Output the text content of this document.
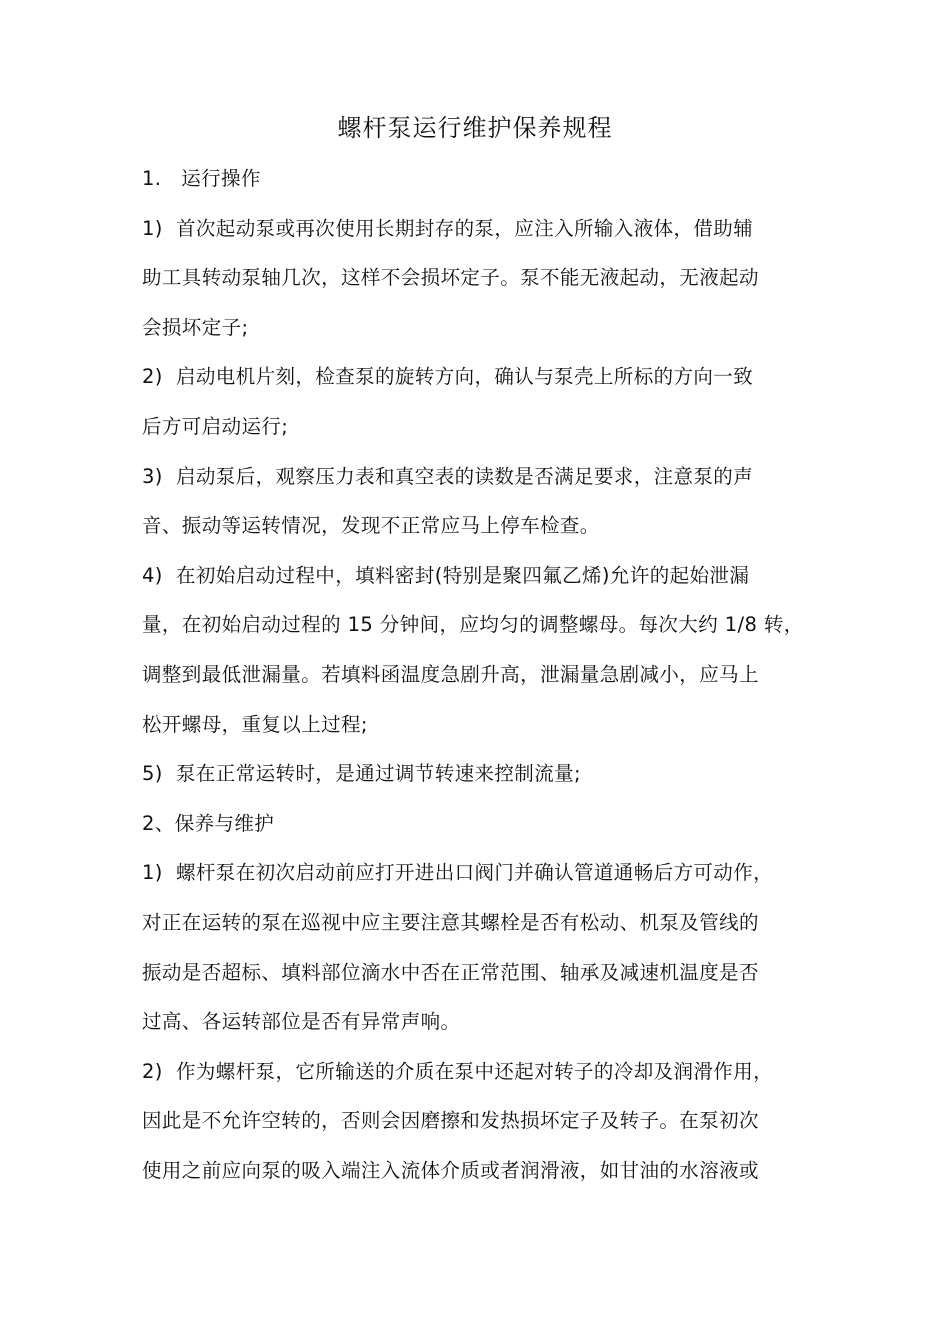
螺杆泵运行维护保养规程

1.   运行操作

1)  首次起动泵或再次使用长期封存的泵，应注入所输入液体，借助辅

助工具转动泵轴几次，这样不会损坏定子。泵不能无液起动，无液起动

会损坏定子;

2)  启动电机片刻，检查泵的旋转方向，确认与泵壳上所标的方向一致

后方可启动运行;

3)  启动泵后，观察压力表和真空表的读数是否满足要求，注意泵的声

音、振动等运转情况，发现不正常应马上停车检查。

4)  在初始启动过程中，填料密封(特别是聚四氟乙烯)允许的起始泄漏

量，在初始启动过程的 15 分钟间，应均匀的调整螺母。每次大约 1/8 转，

调整到最低泄漏量。若填料函温度急剧升高，泄漏量急剧减小，应马上

松开螺母，重复以上过程;

5)  泵在正常运转时，是通过调节转速来控制流量;

2、保养与维护

1)  螺杆泵在初次启动前应打开进出口阀门并确认管道通畅后方可动作，

对正在运转的泵在巡视中应主要注意其螺栓是否有松动、机泵及管线的

振动是否超标、填料部位滴水中否在正常范围、轴承及减速机温度是否

过高、各运转部位是否有异常声响。

2)  作为螺杆泵，它所输送的介质在泵中还起对转子的冷却及润滑作用，

因此是不允许空转的，否则会因磨擦和发热损坏定子及转子。在泵初次

使用之前应向泵的吸入端注入流体介质或者润滑液，如甘油的水溶液或
